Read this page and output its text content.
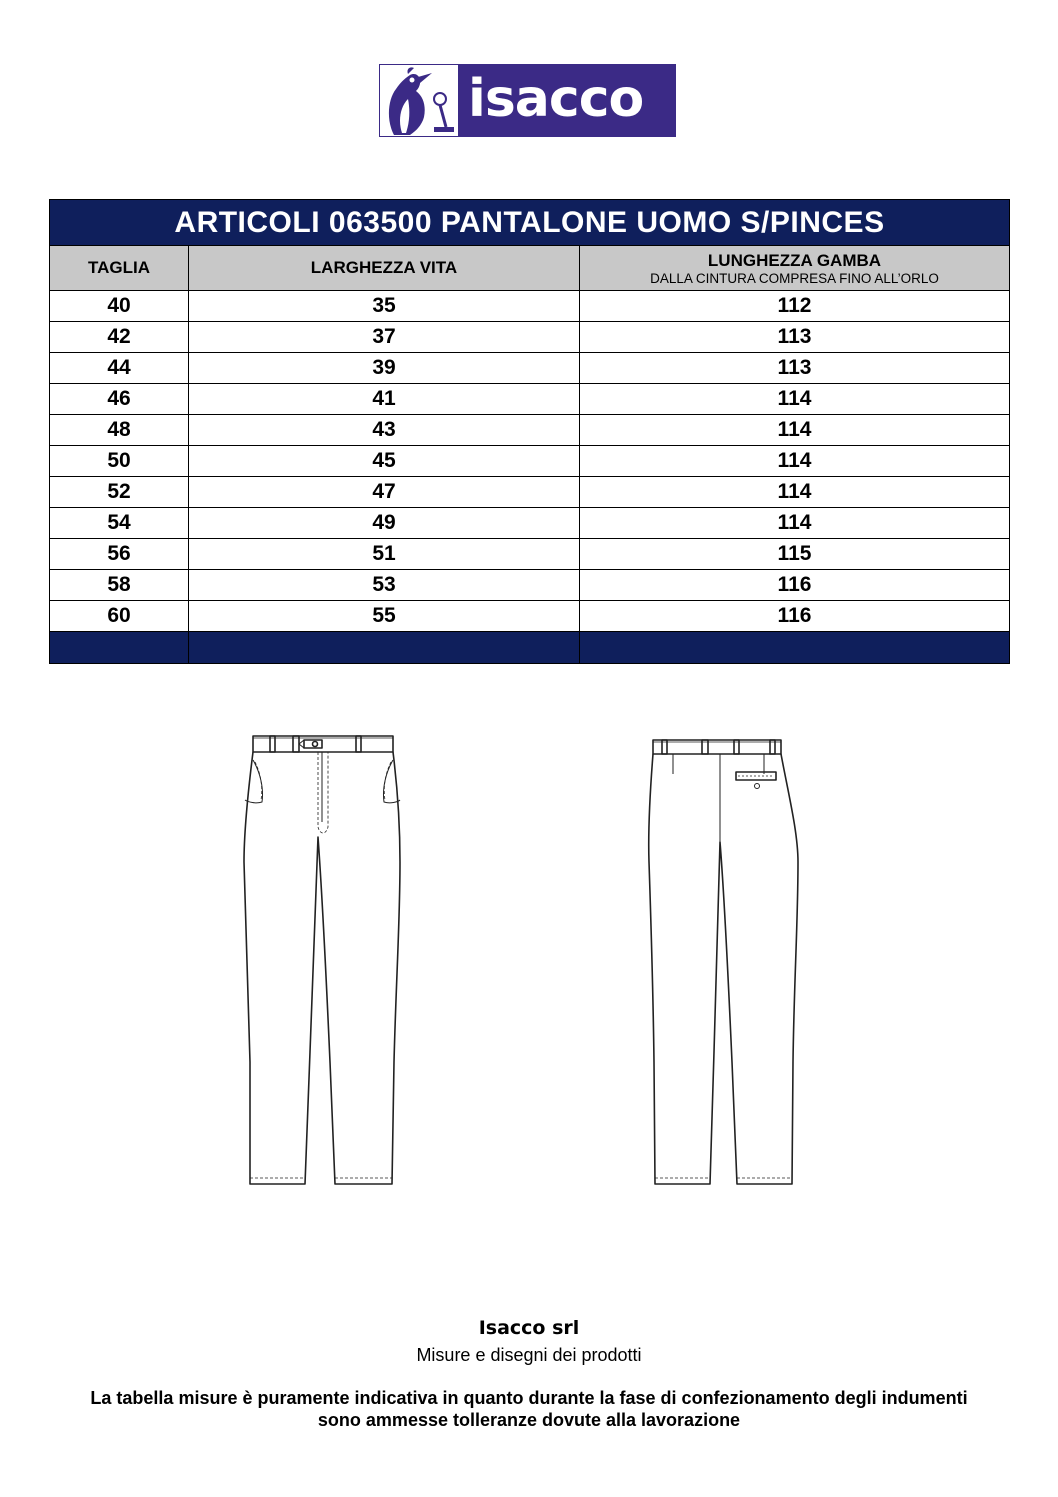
isacco
ARTICOLI 063500 PANTALONE UOMO S/PINCES		

TAGLIA	LARGHEZZA VITA	LUNGHEZZA GAMBA
DALLA CINTURA COMPRESA FINO ALL’ORLO

40	35	112
42	37	113
44	39	113
46	41	114
48	43	114
50	45	114
52	47	114
54	49	114
56	51	115
58	53	116
60	55	116

Isacco srl
Misure e disegni dei prodotti
La tabella misure è puramente indicativa in quanto durante la fase di confezionamento degli indumenti
sono ammesse tolleranze dovute alla lavorazione
